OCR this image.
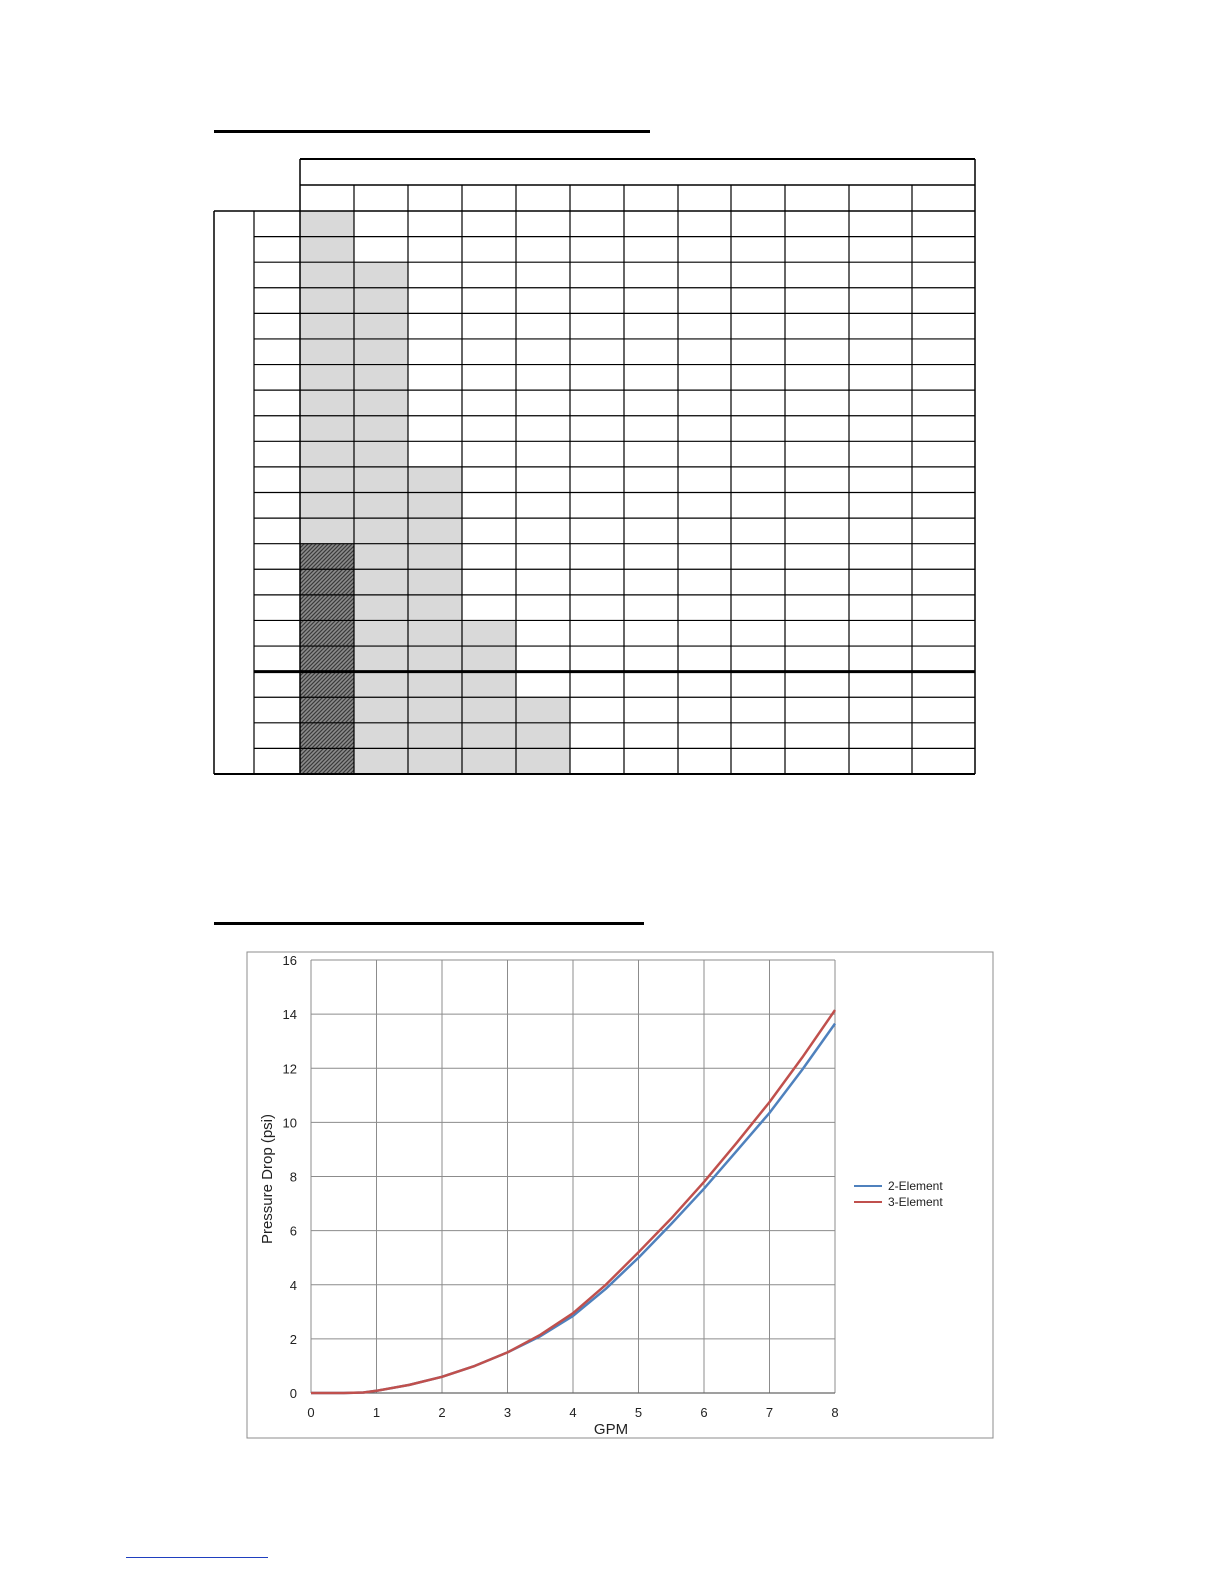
0	1	2	3	4	5	6	7	8
0
2
4
6
8
10
12
14
16
GPM
Pressure Drop (psi)	2-Element
3-Element
